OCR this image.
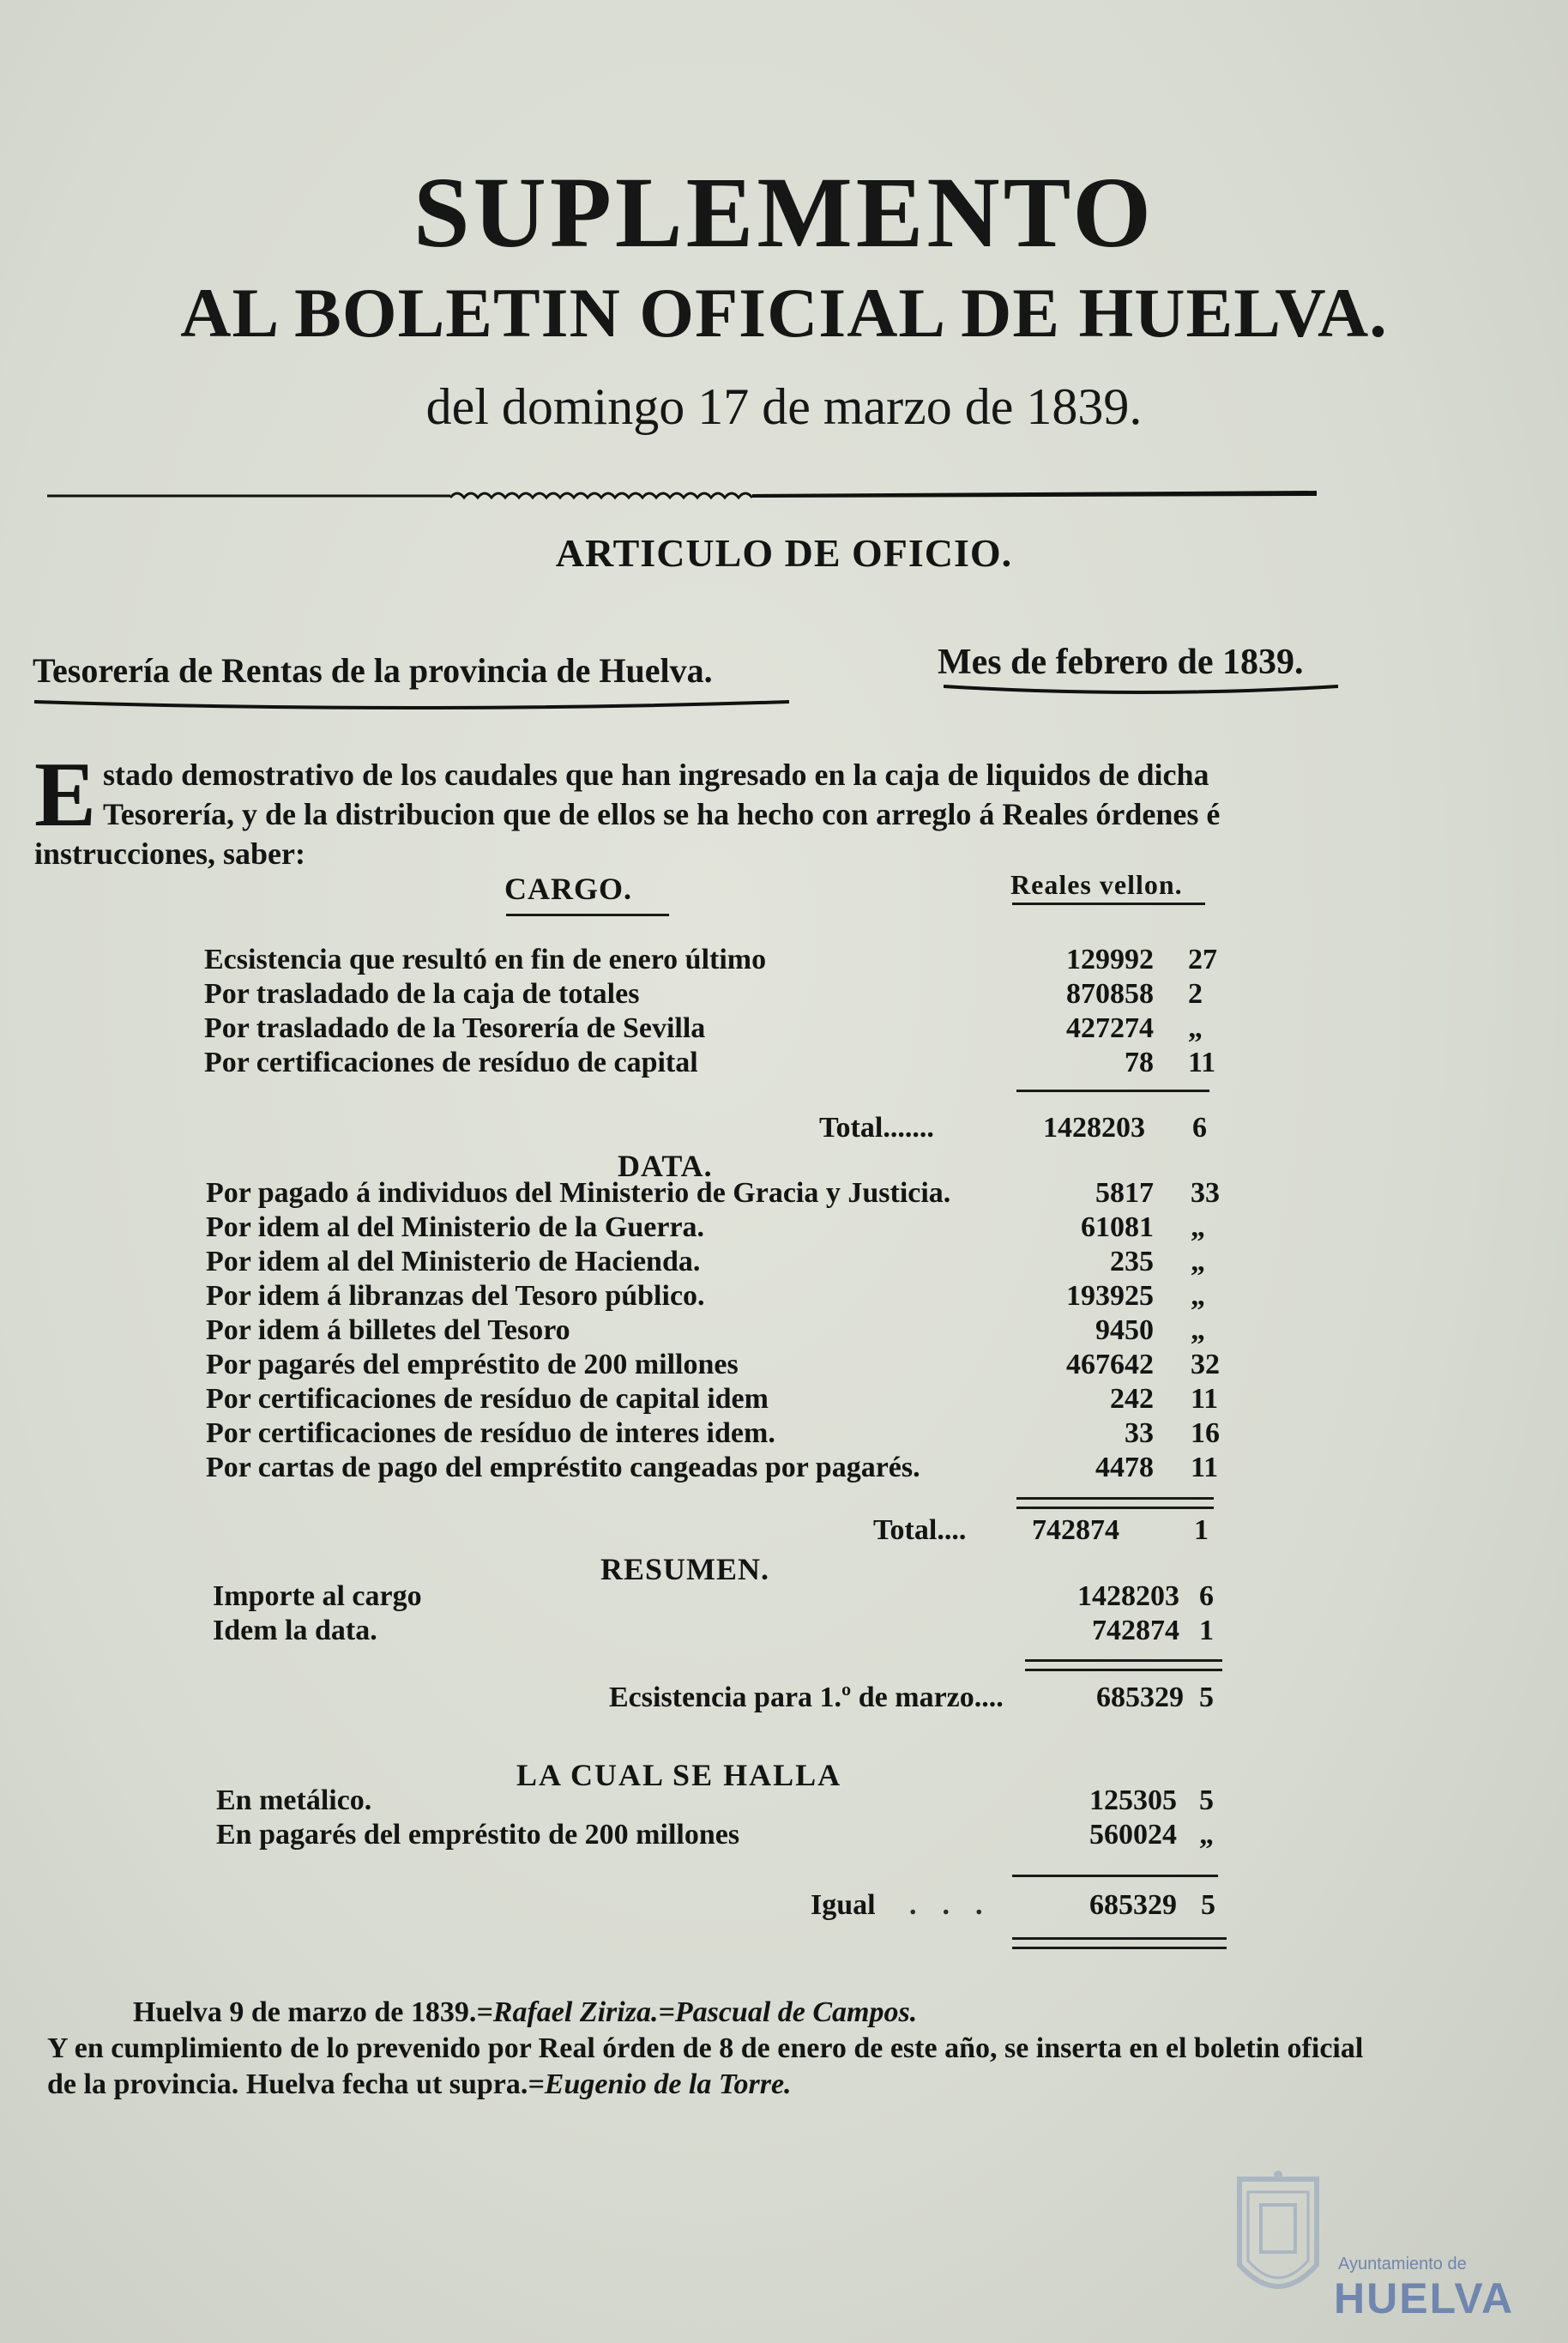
SUPLEMENTO
AL BOLETIN OFICIAL DE HUELVA.
del domingo 17 de marzo de 1839.
ARTICULO DE OFICIO.
Tesorería de Rentas de la provincia de Huelva.	Mes de febrero de 1839.
Estado demostrativo de los caudales que han ingresado en la caja de liquidos de dicha Tesorería, y de la distribucion que de ellos se ha hecho con arreglo á Reales órdenes é instrucciones, saber:
CARGO.	Reales vellon.
Ecsistencia que resultó en fin de enero último	129992 27
Por trasladado de la caja de totales	870858 2
Por trasladado de la Tesorería de Sevilla	427274 „
Por certificaciones de resíduo de capital	78 11
Total.......	1428203 6
DATA.
Por pagado á individuos del Ministerio de Gracia y Justicia.	5817 33
Por idem al del Ministerio de la Guerra.	61081 „
Por idem al del Ministerio de Hacienda.	235 „
Por idem á libranzas del Tesoro público.	193925 „
Por idem á billetes del Tesoro	9450 „
Por pagarés del empréstito de 200 millones	467642 32
Por certificaciones de resíduo de capital idem	242 11
Por certificaciones de resíduo de interes idem.	33 16
Por cartas de pago del empréstito cangeadas por pagarés.	4478 11
Total....	742874	1
RESUMEN.
Importe al cargo	1428203 6
Idem la data.	742874 1
Ecsistencia para 1.º de marzo....	685329 5
LA CUAL SE HALLA
En metálico.	125305 5
En pagarés del empréstito de 200 millones	560024 „
Igual ...	685329 5
Huelva 9 de marzo de 1839.=Rafael Ziriza.=Pascual de Campos.
Y en cumplimiento de lo prevenido por Real órden de 8 de enero de este año, se inserta en el boletin oficial de la provincia. Huelva fecha ut supra.=Eugenio de la Torre.
Ayuntamiento de
HUELVA
